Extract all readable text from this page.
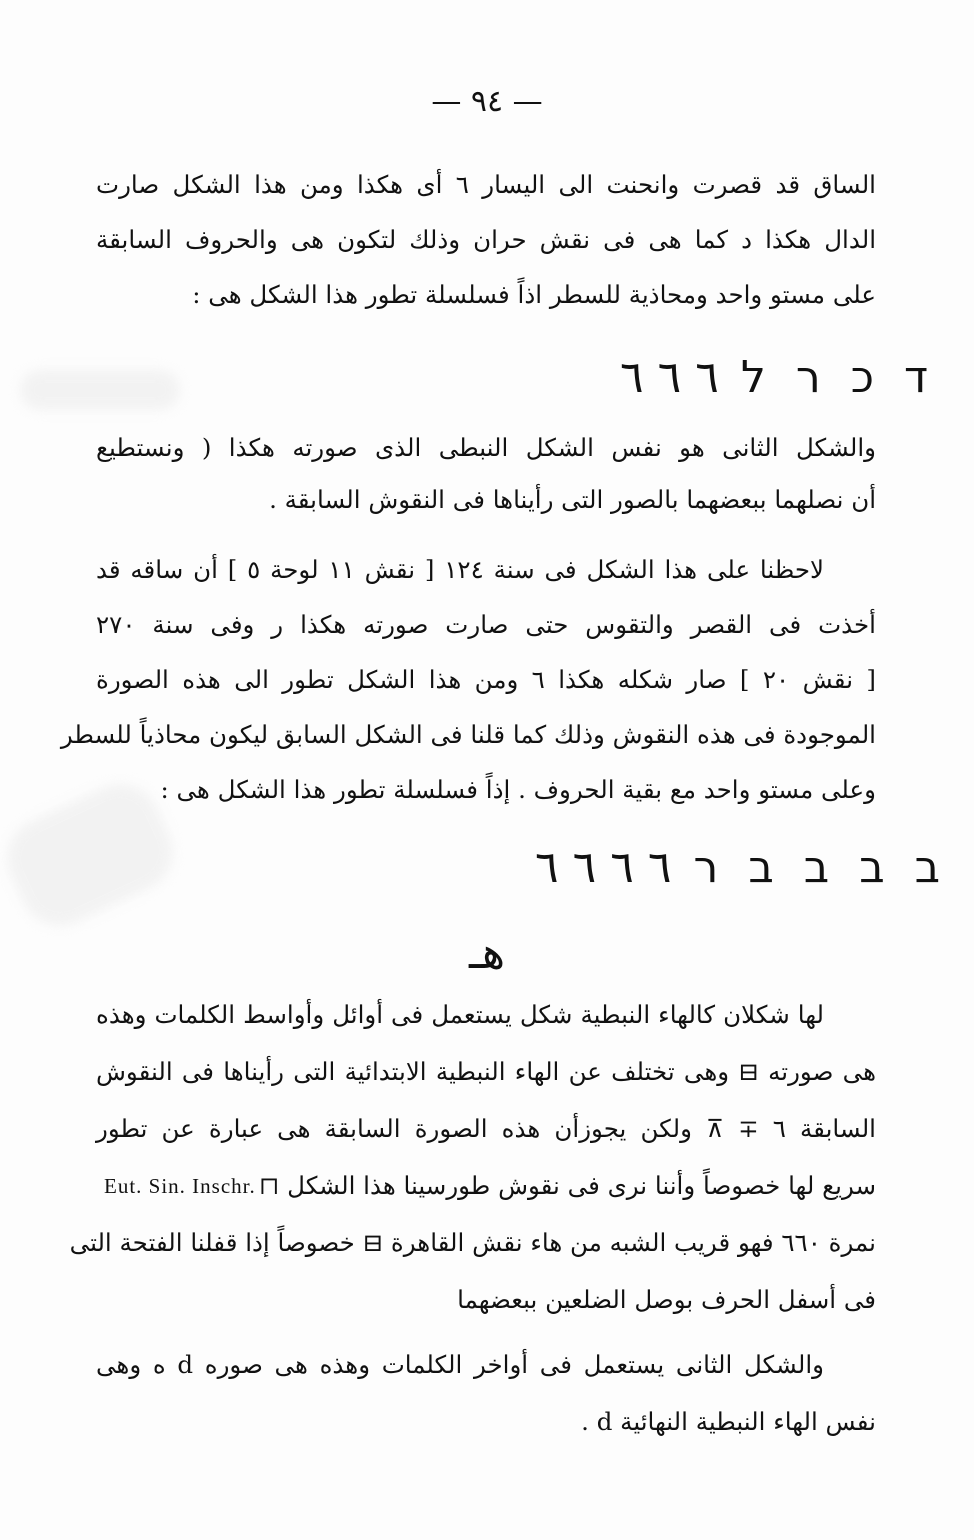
— ٩٤ —
الساق قد قصرت وانحنت الى اليسار ٦ أى هكذا ومن هذا الشكل صارت
الدال هكذا د كما هى فى نقش حران وذلك لتكون هى والحروف السابقة
على مستو واحد ومحاذية للسطر اذاً فسلسلة تطور هذا الشكل هى :
ד כ ר ל ٦ ٦ ٦
والشكل الثانى هو نفس الشكل النبطى الذى صورته هكذا ( ونستطيع
أن نصلهما ببعضهما بالصور التى رأيناها فى النقوش السابقة .
لاحظنا على هذا الشكل فى سنة ١٢٤ [ نقش ١١ لوحة ٥ ] أن ساقه قد
أخذت فى القصر والتقوس حتى صارت صورته هكذا ر وفى سنة ٢٧٠
[ نقش ٢٠ ] صار شكله هكذا ٦ ومن هذا الشكل تطور الى هذه الصورة
الموجودة فى هذه النقوش وذلك كما قلنا فى الشكل السابق ليكون محاذياً للسطر
وعلى مستو واحد مع بقية الحروف . إذاً فسلسلة تطور هذا الشكل هى :
ב ב ב ב ר ٦ ٦ ٦ ٦
هـ
لها شكلان كالهاء النبطية شكل يستعمل فى أوائل وأواسط الكلمات وهذه
هى صورته ⊟ وهى تختلف عن الهاء النبطية الابتدائية التى رأيناها فى النقوش
السابقة ٦ ∓ ⊼ ولكن يجوزأن هذه الصورة السابقة هى عبارة عن تطور
سريع لها خصوصاً وأننا نرى فى نقوش طورسينا هذا الشكل ⊓
Eut. Sin. Inschr.
نمرة ٦٦٠ فهو قريب الشبه من هاء نقش القاهرة ⊟ خصوصاً إذا قفلنا الفتحة التى
فى أسفل الحرف بوصل الضلعين ببعضهما
والشكل الثانى يستعمل فى أواخر الكلمات وهذه هى صوره d ه وهى
نفس الهاء النبطية النهائية d .
